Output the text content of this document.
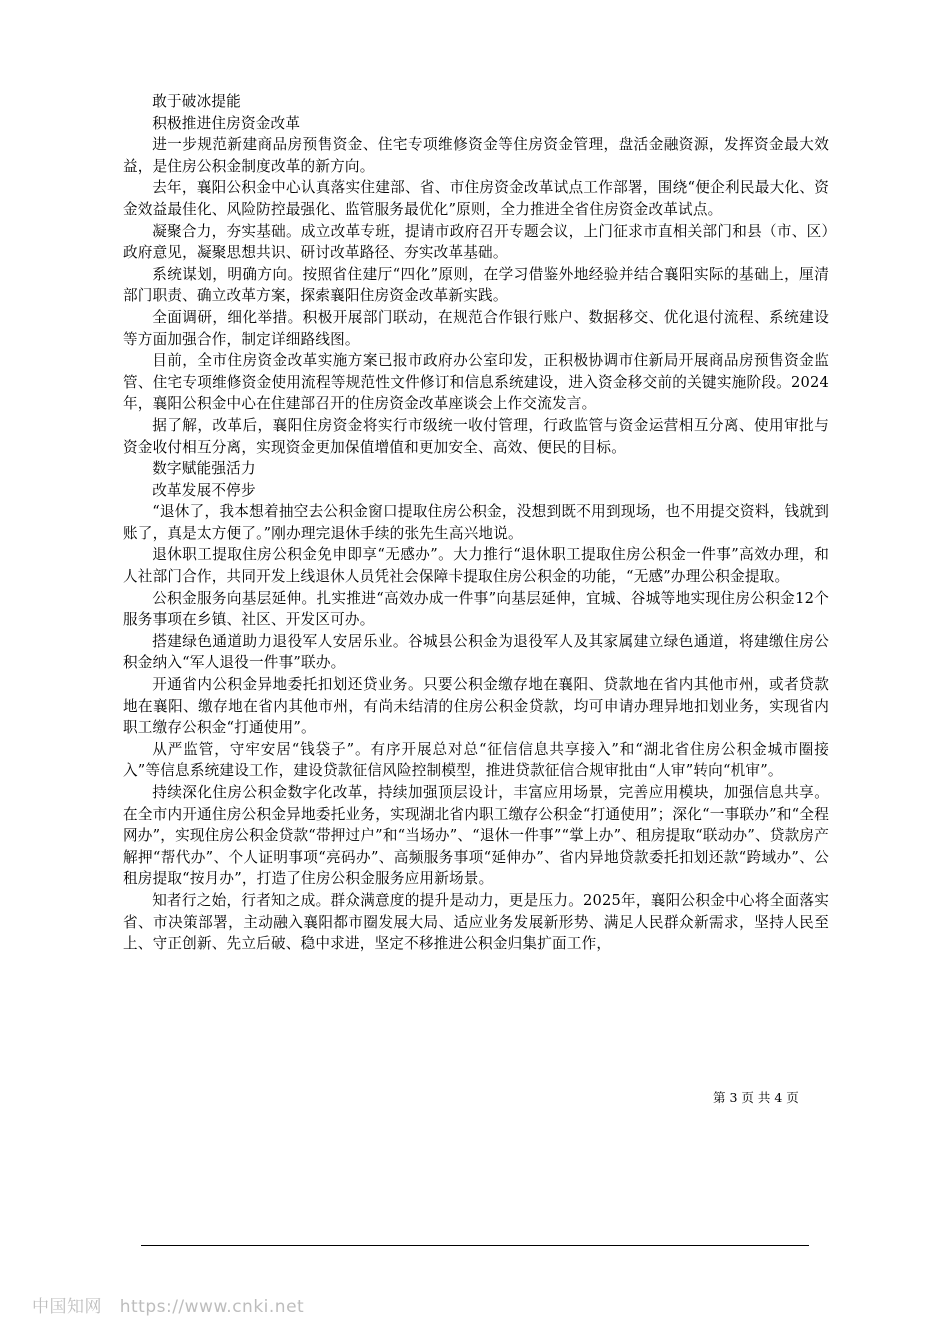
敢于破冰提能

积极推进住房资金改革

进一步规范新建商品房预售资金、住宅专项维修资金等住房资金管理，盘活金融资源，发挥资金最大效益，是住房公积金制度改革的新方向。

去年，襄阳公积金中心认真落实住建部、省、市住房资金改革试点工作部署，围绕“便企利民最大化、资金效益最佳化、风险防控最强化、监管服务最优化”原则，全力推进全省住房资金改革试点。

凝聚合力，夯实基础。成立改革专班，提请市政府召开专题会议，上门征求市直相关部门和县（市、区）政府意见，凝聚思想共识、研讨改革路径、夯实改革基础。

系统谋划，明确方向。按照省住建厅“四化”原则，在学习借鉴外地经验并结合襄阳实际的基础上，厘清部门职责、确立改革方案，探索襄阳住房资金改革新实践。

全面调研，细化举措。积极开展部门联动，在规范合作银行账户、数据移交、优化退付流程、系统建设等方面加强合作，制定详细路线图。

目前，全市住房资金改革实施方案已报市政府办公室印发，正积极协调市住新局开展商品房预售资金监管、住宅专项维修资金使用流程等规范性文件修订和信息系统建设，进入资金移交前的关键实施阶段。2024年，襄阳公积金中心在住建部召开的住房资金改革座谈会上作交流发言。

据了解，改革后，襄阳住房资金将实行市级统一收付管理，行政监管与资金运营相互分离、使用审批与资金收付相互分离，实现资金更加保值增值和更加安全、高效、便民的目标。

数字赋能强活力

改革发展不停步

“退休了，我本想着抽空去公积金窗口提取住房公积金，没想到既不用到现场，也不用提交资料，钱就到账了，真是太方便了。”刚办理完退休手续的张先生高兴地说。

退休职工提取住房公积金免申即享“无感办”。大力推行“退休职工提取住房公积金一件事”高效办理，和人社部门合作，共同开发上线退休人员凭社会保障卡提取住房公积金的功能，“无感”办理公积金提取。

公积金服务向基层延伸。扎实推进“高效办成一件事”向基层延伸，宜城、谷城等地实现住房公积金12个服务事项在乡镇、社区、开发区可办。

搭建绿色通道助力退役军人安居乐业。谷城县公积金为退役军人及其家属建立绿色通道，将建缴住房公积金纳入“军人退役一件事”联办。

开通省内公积金异地委托扣划还贷业务。只要公积金缴存地在襄阳、贷款地在省内其他市州，或者贷款地在襄阳、缴存地在省内其他市州，有尚未结清的住房公积金贷款，均可申请办理异地扣划业务，实现省内职工缴存公积金“打通使用”。

从严监管，守牢安居“钱袋子”。有序开展总对总“征信信息共享接入”和“湖北省住房公积金城市圈接入”等信息系统建设工作，建设贷款征信风险控制模型，推进贷款征信合规审批由“人审”转向“机审”。

持续深化住房公积金数字化改革，持续加强顶层设计，丰富应用场景，完善应用模块，加强信息共享。在全市内开通住房公积金异地委托业务，实现湖北省内职工缴存公积金“打通使用”；深化“一事联办”和“全程网办”，实现住房公积金贷款“带押过户”和“当场办”、“退休一件事”“掌上办”、租房提取“联动办”、贷款房产解押“帮代办”、个人证明事项“亮码办”、高频服务事项“延伸办”、省内异地贷款委托扣划还款“跨域办”、公租房提取“按月办”，打造了住房公积金服务应用新场景。

知者行之始，行者知之成。群众满意度的提升是动力，更是压力。2025年，襄阳公积金中心将全面落实省、市决策部署，主动融入襄阳都市圈发展大局、适应业务发展新形势、满足人民群众新需求，坚持人民至上、守正创新、先立后破、稳中求进，坚定不移推进公积金归集扩面工作，

第 3 页 共 4 页
中国知网   https://www.cnki.net
